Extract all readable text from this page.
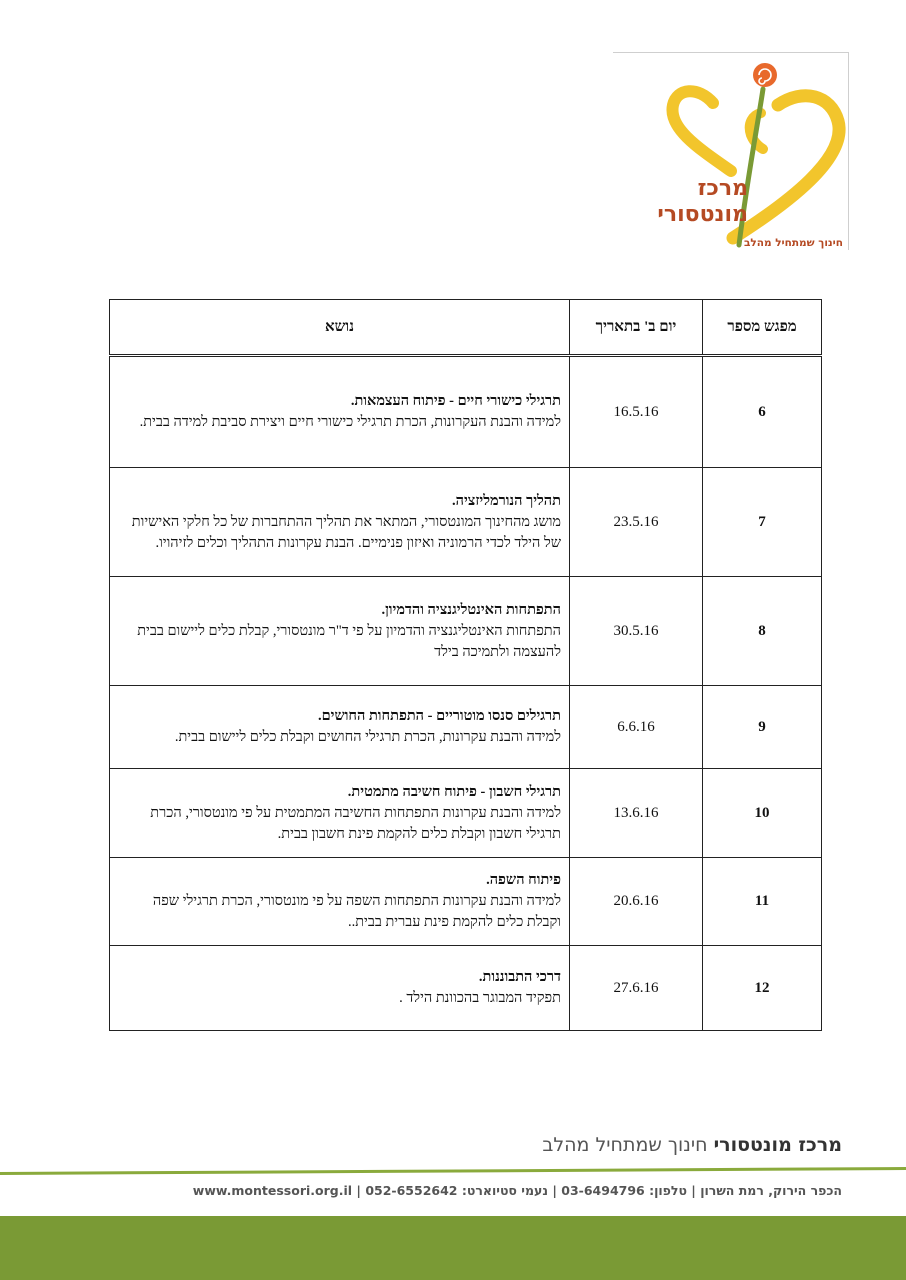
מרכז
מונטסורי
חינוך שמתחיל מהלב
מפגש מספר	יום ב' בתאריך	נושא
6	16.5.16	תרגילי כישורי חיים - פיתוח העצמאות.
למידה והבנת העקרונות, הכרת תרגילי כישורי חיים ויצירת סביבת למידה בבית.

7	23.5.16	תהליך הנורמליזציה.
מושג מהחינוך המונטסורי, המתאר את תהליך ההתחברות של כל חלקי האישיות של הילד לכדי הרמוניה ואיזון פנימיים. הבנת עקרונות התהליך וכלים לזיהויו.

8	30.5.16	התפתחות האינטליגנציה והדמיון.
התפתחות האינטליגנציה והדמיון על פי ד"ר מונטסורי, קבלת כלים ליישום בבית להעצמה ולתמיכה בילד

9	6.6.16	תרגילים סנסו מוטוריים - התפתחות החושים.
למידה והבנת עקרונות, הכרת תרגילי החושים וקבלת כלים ליישום בבית.

10	13.6.16	תרגילי חשבון - פיתוח חשיבה מתמטית.
למידה והבנת עקרונות התפתחות החשיבה המתמטית על פי מונטסורי, הכרת תרגילי חשבון וקבלת כלים להקמת פינת חשבון בבית.

11	20.6.16	פיתוח השפה.
למידה והבנת עקרונות התפתחות השפה על פי מונטסורי, הכרת תרגילי שפה וקבלת כלים להקמת פינת עברית בבית..

12	27.6.16	דרכי התבוננות.
תפקיד המבוגר בהכוונת הילד .
מרכז מונטסורי חינוך שמתחיל מהלב
הכפר הירוק, רמת השרון | טלפון: 03-6494796 | נעמי סטיוארט: 052-6552642 | www.montessori.org.il
